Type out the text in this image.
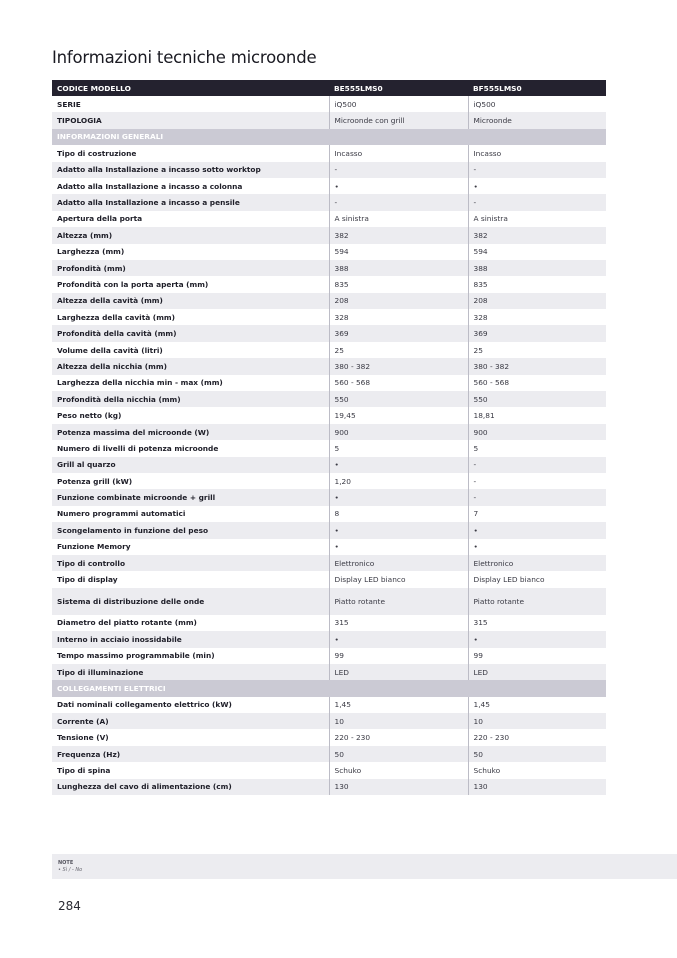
Informazioni tecniche microonde
CODICE MODELLO	BE555LMS0	BF555LMS0
SERIE	iQ500	iQ500
TIPOLOGIA	Microonde con grill	Microonde
INFORMAZIONI GENERALI		
Tipo di costruzione	Incasso	Incasso
Adatto alla Installazione a incasso sotto worktop	-	-
Adatto alla Installazione a incasso a colonna	•	•
Adatto alla Installazione a incasso a pensile	-	-
Apertura della porta	A sinistra	A sinistra
Altezza (mm)	382	382
Larghezza (mm)	594	594
Profondità (mm)	388	388
Profondità con la porta aperta (mm)	835	835
Altezza della cavità (mm)	208	208
Larghezza della cavità (mm)	328	328
Profondità della cavità (mm)	369	369
Volume della cavità (litri)	25	25
Altezza della nicchia (mm)	380 - 382	380 - 382
Larghezza della nicchia min - max (mm)	560 - 568	560 - 568
Profondità della nicchia (mm)	550	550
Peso netto (kg)	19,45	18,81
Potenza massima del microonde (W)	900	900
Numero di livelli di potenza microonde	5	5
Grill al quarzo	•	-
Potenza grill (kW)	1,20	-
Funzione combinate microonde + grill	•	-
Numero programmi automatici	8	7
Scongelamento in funzione del peso	•	•
Funzione Memory	•	•
Tipo di controllo	Elettronico	Elettronico
Tipo di display	Display LED bianco	Display LED bianco
Sistema di distribuzione delle onde	Piatto rotante	Piatto rotante
Diametro del piatto rotante (mm)	315	315
Interno in acciaio inossidabile	•	•
Tempo massimo programmabile (min)	99	99
Tipo di illuminazione	LED	LED
COLLEGAMENTI ELETTRICI		
Dati nominali collegamento elettrico (kW)	1,45	1,45
Corrente (A)	10	10
Tensione (V)	220 - 230	220 - 230
Frequenza (Hz)	50	50
Tipo di spina	Schuko	Schuko
Lunghezza del cavo di alimentazione (cm)	130	130
NOTE
• Sì / - No
284
